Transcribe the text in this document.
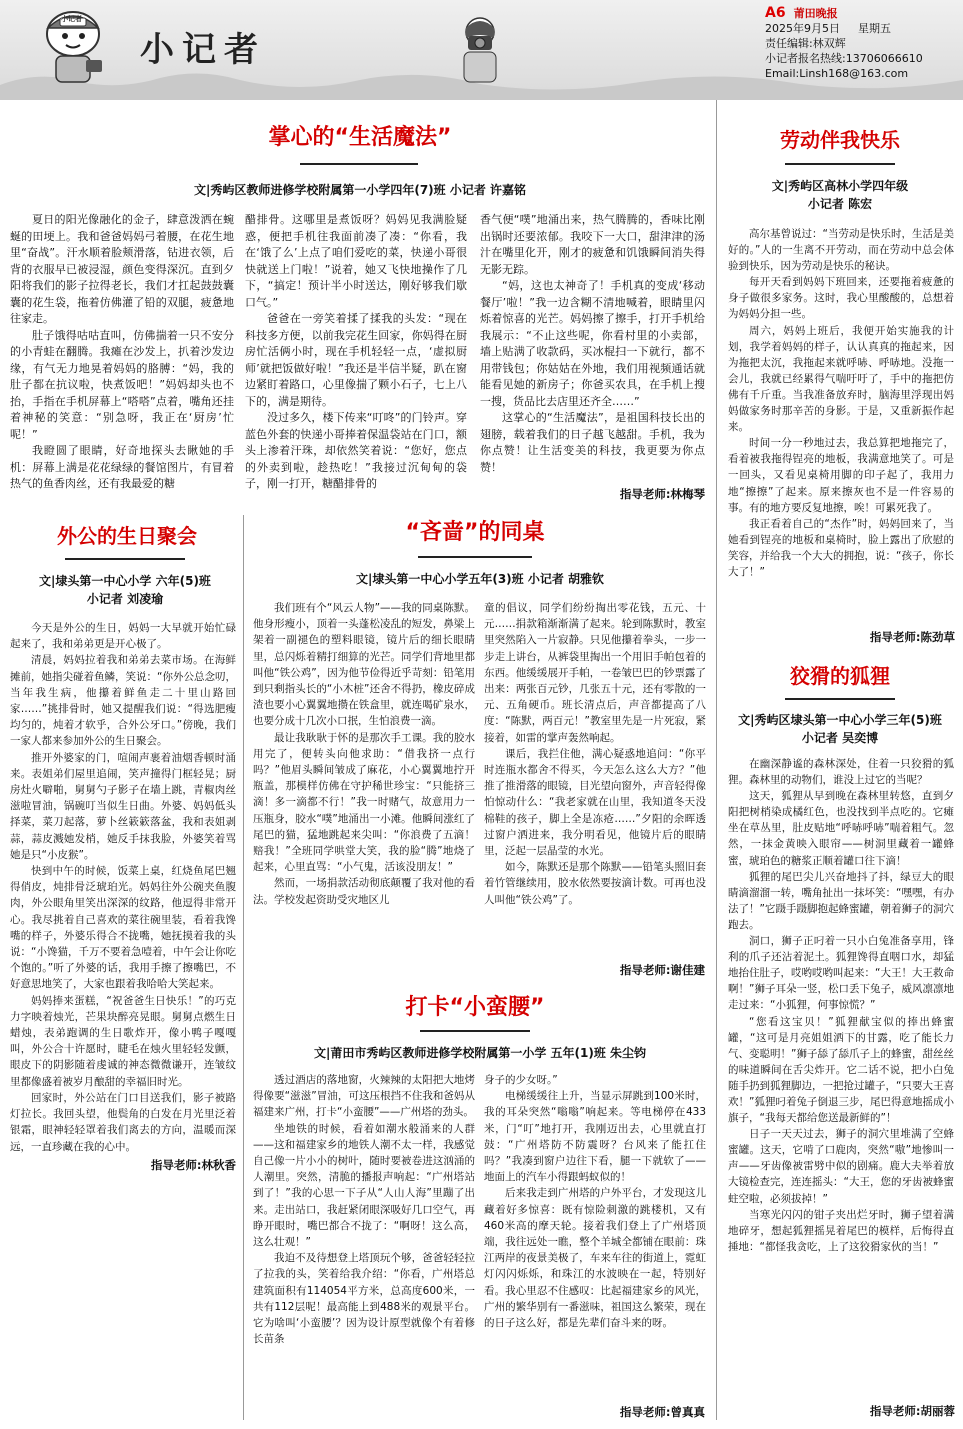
小记者
小记者
A6 莆田晚报
2025年9月5日 星期五
责任编辑:林双辉
小记者报名热线:13706066610
Email:Linsh168@163.com
掌心的“生活魔法”
文|秀屿区教师进修学校附属第一小学四年(7)班 小记者 许嘉铭

夏日的阳光像融化的金子，肆意泼洒在蜿蜒的田埂上。我和爸爸妈妈弓着腰，在花生地里“奋战”。汗水顺着脸颊滑落，钻进衣领，后背的衣服早已被浸湿，颜色变得深沉。直到夕阳将我们的影子拉得老长，我们才扛起鼓鼓囊囊的花生袋，拖着仿佛灌了铅的双腿，疲惫地往家走。

肚子饿得咕咕直叫，仿佛揣着一只不安分的小青蛙在翻腾。我瘫在沙发上，扒着沙发边缘，有气无力地晃着妈妈的胳膊：“妈，我的肚子都在抗议啦，快煮饭吧！”妈妈却头也不抬，手指在手机屏幕上“嗒嗒”点着，嘴角还挂着神秘的笑意：“别急呀，我正在‘厨房’忙呢！”

我瞪圆了眼睛，好奇地探头去瞅她的手机：屏幕上满是花花绿绿的餐馆图片，有冒着热气的鱼香肉丝，还有我最爱的糖

醋排骨。这哪里是煮饭呀？妈妈见我满脸疑惑，便把手机往我面前凑了凑：“你看，我在‘饿了么’上点了咱们爱吃的菜，快递小哥很快就送上门啦！”说着，她又飞快地操作了几下，“搞定！预计半小时送达，刚好够我们歇口气。”

爸爸在一旁笑着揉了揉我的头发：“现在科技多方便，以前我完花生回家，你妈得在厨房忙活俩小时，现在手机轻轻一点，‘虚拟厨师’就把饭做好啦！”我还是半信半疑，趴在窗边紧盯着路口，心里像揣了颗小石子，七上八下的，满是期待。

没过多久，楼下传来“叮咚”的门铃声。穿蓝色外套的快递小哥捧着保温袋站在门口，额头上渗着汗珠，却依然笑着说：“您好，您点的外卖到啦，趁热吃！”我接过沉甸甸的袋子，刚一打开，糖醋排骨的

香气便“噗”地涌出来，热气腾腾的，香味比刚出锅时还要浓郁。我咬下一大口，甜津津的汤汁在嘴里化开，刚才的疲惫和饥饿瞬间消失得无影无踪。

“妈，这也太神奇了！手机真的变成‘移动餐厅’啦！”我一边含糊不清地喊着，眼睛里闪烁着惊喜的光芒。妈妈擦了擦手，打开手机给我展示：“不止这些呢，你看村里的小卖部，墙上贴满了收款码，买冰棍扫一下就行，都不用带钱包；你姑姑在外地，我们用视频通话就能看见她的新房子；你爸买农具，在手机上搜一搜，货品比去店里还齐全……”

这掌心的“生活魔法”，是祖国科技长出的翅膀，载着我们的日子越飞越甜。手机，我为你点赞！让生活变美的科技，我更要为你点赞！

指导老师:林梅琴
外公的生日聚会
文|埭头第一中心小学 六年(5)班
小记者 刘凌瑜

今天是外公的生日，妈妈一大早就开始忙碌起来了，我和弟弟更是开心极了。

清晨，妈妈拉着我和弟弟去菜市场。在海鲜摊前，她指尖碰着鱼鳞，笑说：“你外公总念叨，当年我生病，他攥着鲜鱼走二十里山路回家……”挑排骨时，她又提醒我们说：“得选肥瘦均匀的，炖着才软乎，合外公牙口。”傍晚，我们一家人都来参加外公的生日聚会。

推开外婆家的门，喧闹声裹着油烟香顿时涌来。表姐弟们屋里追闹，笑声撞得门框轻晃；厨房灶火噼啪，舅舅勺子影子在墙上跳，青椒肉丝滋啦冒油，锅碗叮当似生日曲。外婆、妈妈低头择菜，菜刀起落，萝卜丝簌簌落盆，我和表姐剥蒜，蒜皮溅她发梢，她反手抹我脸，外婆笑着骂她是只“小皮猴”。

快到中午的时候，饭菜上桌，红烧鱼尾巴翘得俏皮，炖排骨泛琥珀光。妈妈往外公碗夹鱼腹肉，外公眼角里笑出深深的纹路，他逗得非常开心。我尽挑着自己喜欢的菜往碗里装，看着我馋嘴的样子，外婆乐得合不拢嘴，她抚摸着我的头说：“小馋猫，千万不要着急噎着，中午会让你吃个饱的。”听了外婆的话，我用手擦了擦嘴巴，不好意思地笑了，大家也跟着我哈哈大笑起来。

妈妈捧来蛋糕，“祝爸爸生日快乐！”的巧克力字映着烛光，芒果块醉亮晃眼。舅舅点燃生日蜡烛，表弟跑调的生日歌炸开，像小鸭子嘎嘎叫，外公合十许愿时，睫毛在烛火里轻轻发颤，眼皮下的阴影随着虔诚的神态微微谦开，连皱纹里都像盛着被岁月酿甜的幸福旧时光。

回家时，外公站在门口目送我们，影子被路灯拉长。我回头望，他鬓角的白发在月光里泛着银霜，眼神轻轻罩着我们离去的方向，温暖而深远，一直珍藏在我的心中。

指导老师:林秋香
“吝啬”的同桌
文|埭头第一中心小学五年(3)班 小记者 胡雅钦

我们班有个“风云人物”——我的同桌陈默。他身形瘦小，顶着一头蓬松凌乱的短发，鼻梁上架着一副褪色的塑料眼镜，镜片后的细长眼睛里，总闪烁着精打细算的光芒。同学们背地里都叫他“铁公鸡”，因为他节俭得近乎苛刻：铅笔用到只剩指头长的“小木桩”还舍不得扔，橡皮碎成渣也要小心翼翼地攒在铁盒里，就连喝矿泉水，也要分成十几次小口抿，生怕浪费一滴。

最让我耿耿于怀的是那次手工课。我的胶水用完了，便转头向他求助：“借我挤一点行吗？”他眉头瞬间皱成了麻花，小心翼翼地拧开瓶盖，那模样仿佛在守护稀世珍宝：“只能挤三滴！多一滴都不行！”我一时赌气，故意用力一压瓶身，胶水“噗”地涌出一小滩。他瞬间涨红了尾巴的猫，猛地跳起来尖叫：“你浪费了五滴！赔我！”全班同学哄堂大笑，我的脸“腾”地烧了起来，心里直骂：“小气鬼，活该没朋友！”

然而，一场捐款活动彻底颠覆了我对他的看法。学校发起资助受灾地区儿

童的倡议，同学们纷纷掏出零花钱，五元、十元……捐款箱渐渐满了起来。轮到陈默时，教室里突然陷入一片寂静。只见他攥着拳头，一步一步走上讲台，从裤袋里掏出一个用旧手帕包着的东西。他缓缓展开手帕，一卷皱巴巴的钞票露了出来：两张百元钞，几张五十元，还有零散的一元、五角硬币。班长清点后，声音都提高了八度：“陈默，两百元！”教室里先是一片死寂，紧接着，如雷的掌声轰然响起。

课后，我拦住他，满心疑惑地追问：“你平时连瓶水都舍不得买，今天怎么这么大方？”他推了推滑落的眼镜，目光望向窗外，声音轻得像怕惊动什么：“我老家就在山里，我知道冬天没棉鞋的孩子，脚上全是冻疮……”夕阳的余晖透过窗户洒进来，我分明看见，他镜片后的眼睛里，泛起一层晶莹的水光。

如今，陈默还是那个陈默——铅笔头照旧套着竹管继续用，胶水依然要按滴计数。可再也没人叫他“铁公鸡”了。

指导老师:谢佳建
打卡“小蛮腰”
文|莆田市秀屿区教师进修学校附属第一小学 五年(1)班 朱尘钧

透过酒店的落地窗，火辣辣的太阳把大地烤得像要“滋滋”冒油，可这压根挡不住我和爸妈从福建来广州，打卡“小蛮腰”——广州塔的劲头。

坐地铁的时候，看着如潮水般涌来的人群——这和福建家乡的地铁人潮不太一样，我感觉自己像一片小小的树叶，随时要被卷进这汹涌的人潮里。突然，清脆的播报声响起：“广州塔站到了！”我的心思一下子从“人山人海”里蹦了出来。走出站口，我赶紧闭眼深吸好几口空气，再睁开眼时，嘴巴都合不拢了：“啊呀！这么高，这么壮观！”

我迫不及待想登上塔顶玩个够，爸爸轻轻拉了拉我的头，笑着给我介绍：“你看，广州塔总建筑面积有114054平方米，总高度600米，一共有112层呢！最高能上到488米的观景平台。它为啥叫‘小蛮腰’？因为设计原型就像个有着修长苗条

身子的少女呀。”

电梯缓缓往上升，当显示屏跳到100米时，我的耳朵突然“嗡嗡”响起来。等电梯停在433米，门“叮”地打开，我刚迈出去，心里就直打鼓：“广州塔防不防震呀？台风来了能扛住吗？”我凑到窗户边往下看，腿一下就软了——地面上的汽车小得跟蚂蚁似的！

后来我走到广州塔的户外平台，才发现这儿藏着好多惊喜：既有惊险刺激的跳楼机，又有460米高的摩天轮。接着我们登上了广州塔顶端，我往远处一瞧，整个羊城全都铺在眼前：珠江两岸的夜景美极了，车来车往的街道上，霓虹灯闪闪烁烁，和珠江的水波映在一起，特别好看。我心里忍不住感叹：比起福建家乡的风光，广州的繁华别有一番滋味，祖国这么繁荣，现在的日子这么好，都是先辈们奋斗来的呀。

指导老师:曾真真
劳动伴我快乐
文|秀屿区高林小学四年级
小记者 陈宏

高尔基曾说过：“当劳动是快乐时，生活是美好的。”人的一生离不开劳动，而在劳动中总会体验到快乐，因为劳动是快乐的秘诀。

每开天看到妈妈下班回来，还要拖着疲惫的身子做很多家务。这时，我心里酸酸的，总想着为妈妈分担一些。

周六，妈妈上班后，我便开始实施我的计划，我学着妈妈的样子，认认真真的拖起来，因为拖把太沉，我拖起来就呼哧、呼哧地。没拖一会儿，我就已经累得气喘吁吁了，手中的拖把仿佛有千斤重。当我准备放弃时，脑海里浮现出妈妈做家务时那辛苦的身影。于是，又重新振作起来。

时间一分一秒地过去，我总算把地拖完了，看着被我拖得锃亮的地板，我满意地笑了。可是一回头，又看见桌椅用脚的印子起了，我用力地“擦擦”了起来。原来擦灰也不是一件容易的事。有的地方要反复地擦，唉！可累死我了。

我正看着自己的“杰作”时，妈妈回来了，当她看到锃亮的地板和桌椅时，脸上露出了欣慰的笑容，并给我一个大大的拥抱，说：“孩子，你长大了！”

指导老师:陈劲草
狡猾的狐狸
文|秀屿区埭头第一中心小学三年(5)班
小记者 吴奕博

在幽深静谧的森林深处，住着一只狡猾的狐狸。森林里的动物们，谁没上过它的当呢？

这天，狐狸从早到晚在森林里转悠，直到夕阳把树梢染成橘红色，也没找到半点吃的。它瘫坐在草丛里，肚皮贴地“呼哧呼哧”喘着粗气。忽然，一抹金黄映入眼帘——树洞里藏着一罐蜂蜜，琥珀色的糖浆正顺着罐口往下滴！

狐狸的尾巴尖儿兴奋地抖了抖，绿豆大的眼睛滴溜溜一转，嘴角扯出一抹坏笑：“嘿嘿，有办法了！”它蹑手蹑脚抱起蜂蜜罐，朝着狮子的洞穴跑去。

洞口，狮子正叼着一只小白兔准备享用，锋利的爪子还沾着泥土。狐狸馋得直咽口水，却猛地抬住肚子，哎哟哎哟叫起来：“大王！大王救命啊！”狮子耳朵一竖，松口丢下兔子，威风凛凛地走过来：“小狐狸，何事惊慌？”

“您看这宝贝！”狐狸献宝似的捧出蜂蜜罐，“这可是月亮姐姐洒下的甘露，吃了能长力气、变聪明！”狮子舔了舔爪子上的蜂蜜，甜丝丝的味道瞬间在舌尖炸开。它二话不说，把小白兔随手扔到狐狸脚边，一把抢过罐子，“只要大王喜欢！”狐狸叼着兔子倒退三步，尾巴得意地摇成小旗子，“我每天都给您送最新鲜的”！

日子一天天过去，狮子的洞穴里堆满了空蜂蜜罐。这天，它啃了口鹿肉，突然“嗷”地惨叫一声——牙齿像被雷劈中似的剧痛。鹿大夫举着放大镜检查完，连连摇头：“大王，您的牙齿被蜂蜜蛀空啦，必须拔掉！”

当寒光闪闪的钳子夹出烂牙时，狮子望着满地碎牙，想起狐狸摇晃着尾巴的模样，后悔得直捶地：“都怪我贪吃，上了这狡猾家伙的当！”

指导老师:胡丽蓉
